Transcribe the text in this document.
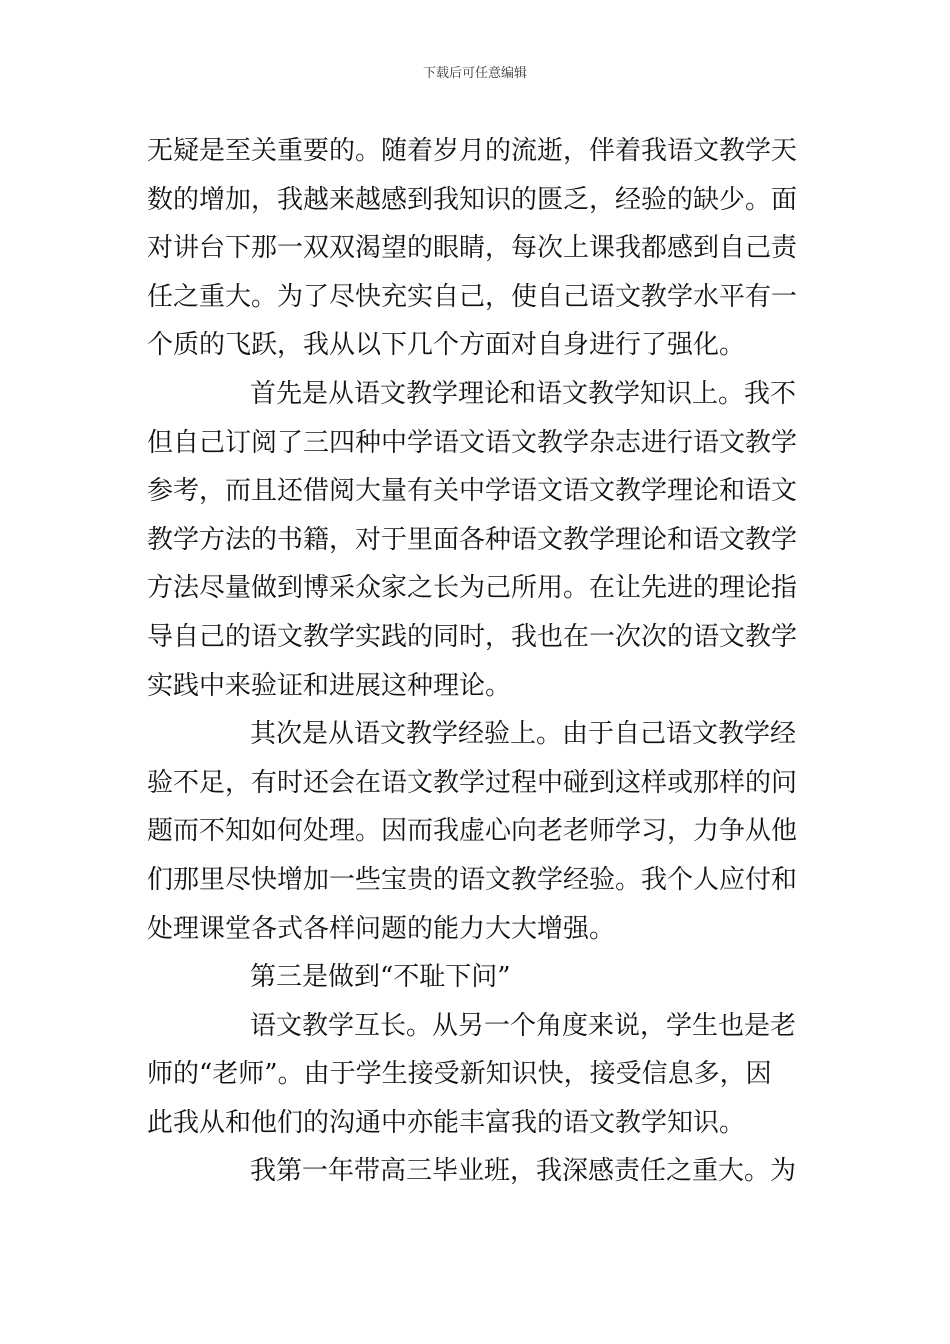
下载后可任意编辑
无疑是至关重要的。随着岁月的流逝，伴着我语文教学天
数的增加，我越来越感到我知识的匮乏，经验的缺少。面
对讲台下那一双双渴望的眼睛，每次上课我都感到自己责
任之重大。为了尽快充实自己，使自己语文教学水平有一
个质的飞跃，我从以下几个方面对自身进行了强化。
首先是从语文教学理论和语文教学知识上。我不
但自己订阅了三四种中学语文语文教学杂志进行语文教学
参考，而且还借阅大量有关中学语文语文教学理论和语文
教学方法的书籍，对于里面各种语文教学理论和语文教学
方法尽量做到博采众家之长为己所用。在让先进的理论指
导自己的语文教学实践的同时，我也在一次次的语文教学
实践中来验证和进展这种理论。
其次是从语文教学经验上。由于自己语文教学经
验不足，有时还会在语文教学过程中碰到这样或那样的问
题而不知如何处理。因而我虚心向老老师学习，力争从他
们那里尽快增加一些宝贵的语文教学经验。我个人应付和
处理课堂各式各样问题的能力大大增强。
第三是做到“不耻下问”
语文教学互长。从另一个角度来说，学生也是老
师的“老师”。由于学生接受新知识快，接受信息多，因
此我从和他们的沟通中亦能丰富我的语文教学知识。
我第一年带高三毕业班，我深感责任之重大。为
